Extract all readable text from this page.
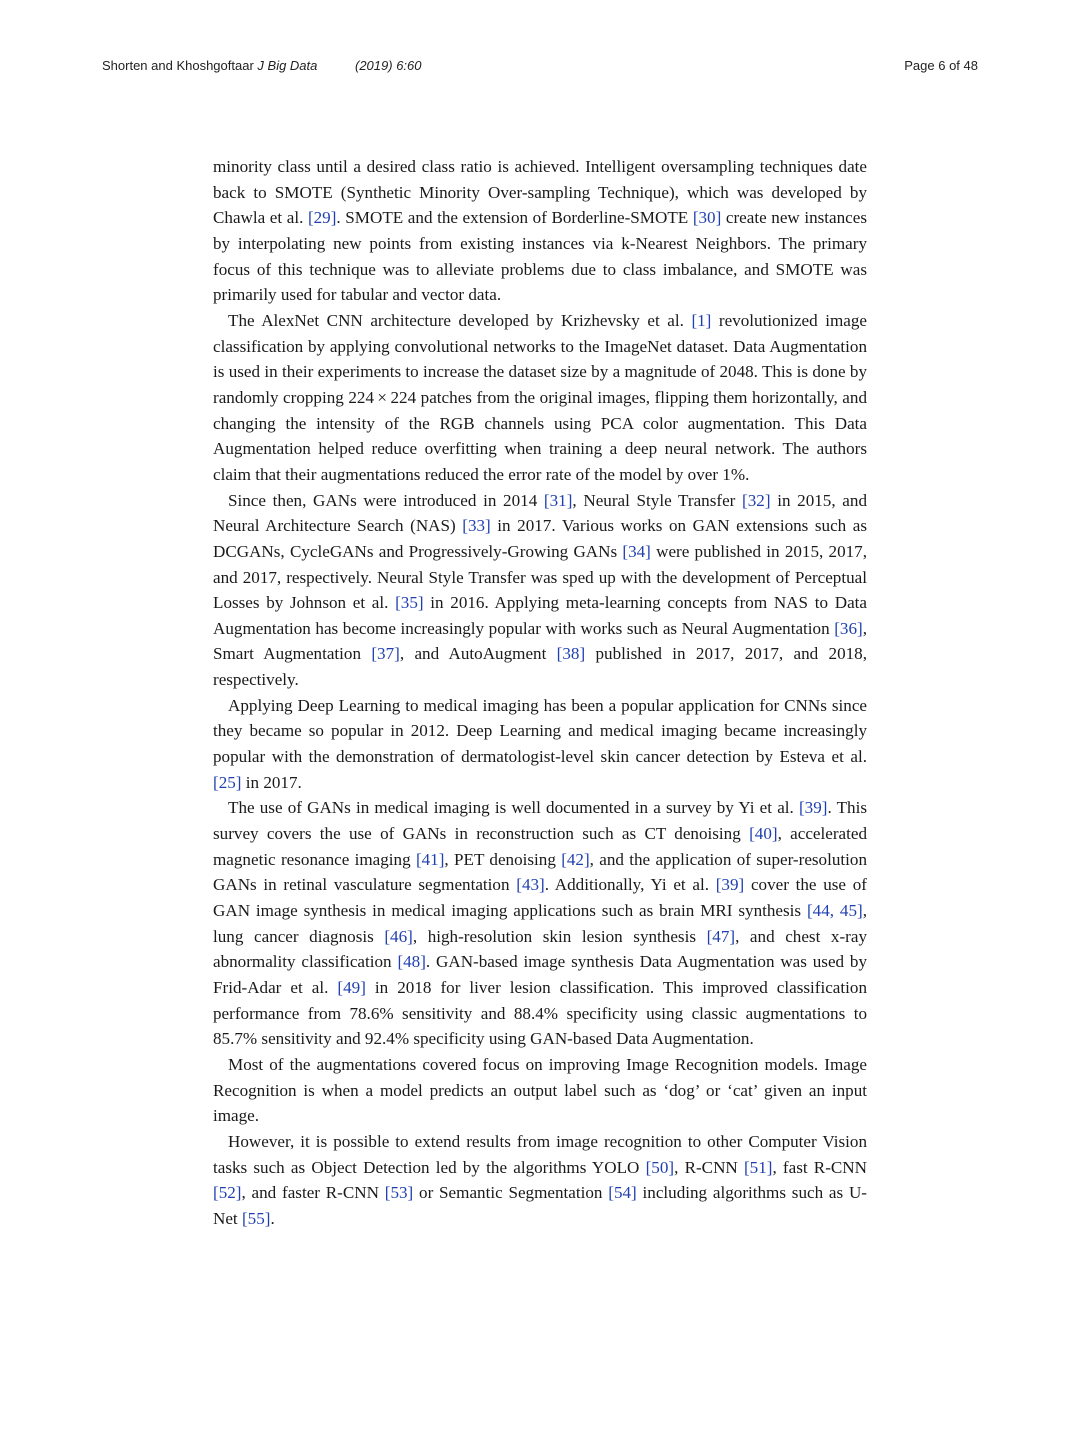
Shorten and Khoshgoftaar J Big Data	(2019) 6:60	Page 6 of 48

minority class until a desired class ratio is achieved. Intelligent oversampling techniques date back to SMOTE (Synthetic Minority Over-sampling Technique), which was developed by Chawla et al. [29]. SMOTE and the extension of Borderline-SMOTE [30] create new instances by interpolating new points from existing instances via k-Nearest Neighbors. The primary focus of this technique was to alleviate problems due to class imbalance, and SMOTE was primarily used for tabular and vector data.

The AlexNet CNN architecture developed by Krizhevsky et al. [1] revolutionized image classification by applying convolutional networks to the ImageNet dataset. Data Augmentation is used in their experiments to increase the dataset size by a magnitude of 2048. This is done by randomly cropping 224 × 224 patches from the original images, flipping them horizontally, and changing the intensity of the RGB channels using PCA color augmentation. This Data Augmentation helped reduce overfitting when training a deep neural network. The authors claim that their augmentations reduced the error rate of the model by over 1%.

Since then, GANs were introduced in 2014 [31], Neural Style Transfer [32] in 2015, and Neural Architecture Search (NAS) [33] in 2017. Various works on GAN extensions such as DCGANs, CycleGANs and Progressively-Growing GANs [34] were published in 2015, 2017, and 2017, respectively. Neural Style Transfer was sped up with the development of Perceptual Losses by Johnson et al. [35] in 2016. Applying meta-learning concepts from NAS to Data Augmentation has become increasingly popular with works such as Neural Augmentation [36], Smart Augmentation [37], and AutoAugment [38] published in 2017, 2017, and 2018, respectively.

Applying Deep Learning to medical imaging has been a popular application for CNNs since they became so popular in 2012. Deep Learning and medical imaging became increasingly popular with the demonstration of dermatologist-level skin cancer detection by Esteva et al. [25] in 2017.

The use of GANs in medical imaging is well documented in a survey by Yi et al. [39]. This survey covers the use of GANs in reconstruction such as CT denoising [40], accelerated magnetic resonance imaging [41], PET denoising [42], and the application of super-resolution GANs in retinal vasculature segmentation [43]. Additionally, Yi et al. [39] cover the use of GAN image synthesis in medical imaging applications such as brain MRI synthesis [44, 45], lung cancer diagnosis [46], high-resolution skin lesion synthesis [47], and chest x-ray abnormality classification [48]. GAN-based image synthesis Data Augmentation was used by Frid-Adar et al. [49] in 2018 for liver lesion classification. This improved classification performance from 78.6% sensitivity and 88.4% specificity using classic augmentations to 85.7% sensitivity and 92.4% specificity using GAN-based Data Augmentation.

Most of the augmentations covered focus on improving Image Recognition models. Image Recognition is when a model predicts an output label such as ‘dog’ or ‘cat’ given an input image.

However, it is possible to extend results from image recognition to other Computer Vision tasks such as Object Detection led by the algorithms YOLO [50], R-CNN [51], fast R-CNN [52], and faster R-CNN [53] or Semantic Segmentation [54] including algorithms such as U-Net [55].
